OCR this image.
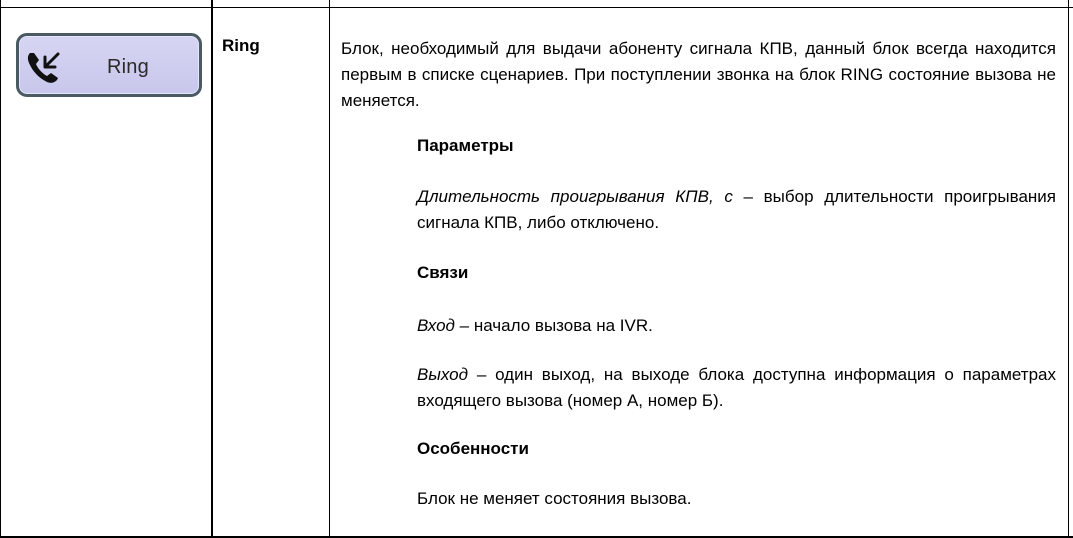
Ring
Ring	Блок, необходимый для выдачи абоненту сигнала КПВ, данный блок всегда находится первым в списке сценариев. При поступлении звонка на блок RING состояние вызова не меняется.
Параметры
Длительность проигрывания КПВ, с – выбор длительности проигрывания сигнала КПВ, либо отключено.
Связи
Вход – начало вызова на IVR.
Выход – один выход, на выходе блока доступна информация о параметрах входящего вызова (номер А, номер Б).
Особенности
Блок не меняет состояния вызова.
